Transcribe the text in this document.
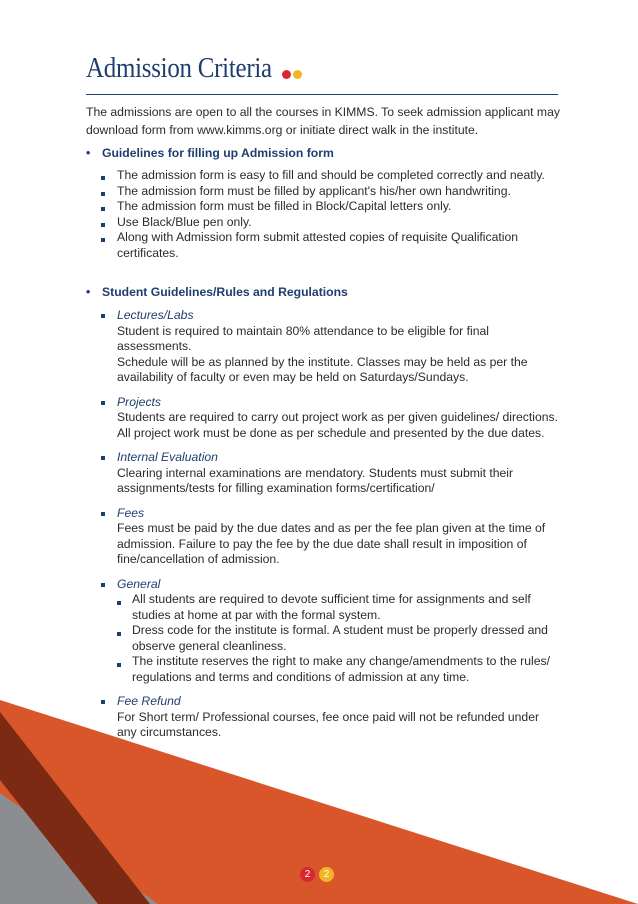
Admission Criteria

The admissions are open to all the courses in KIMMS. To seek admission applicant may download form from www.kimms.org or initiate direct walk in the institute.

• Guidelines for filling up Admission form
The admission form is easy to fill and should be completed correctly and neatly.
The admission form must be filled by applicant's his/her own handwriting.
The admission form must be filled in Block/Capital letters only.
Use Black/Blue pen only.
Along with Admission form submit attested copies of requisite Qualification certificates.
• Student Guidelines/Rules and Regulations
Lectures/Labs
Student is required to maintain 80% attendance to be eligible for final assessments.
Schedule will be as planned by the institute. Classes may be held as per the availability of faculty or even may be held on Saturdays/Sundays.
Projects
Students are required to carry out project work as per given guidelines/ directions. All project work must be done as per schedule and presented by the due dates.
Internal Evaluation
Clearing internal examinations are mendatory. Students must submit their assignments/tests for filling examination forms/certification/
Fees
Fees must be paid by the due dates and as per the fee plan given at the time of admission. Failure to pay the fee by the due date shall result in imposition of fine/cancellation of admission.
General
All students are required to devote sufficient time for assignments and self studies at home at par with the formal system.
Dress code for the institute is formal. A student must be properly dressed and observe general cleanliness.
The institute reserves the right to make any change/amendments to the rules/ regulations and terms and conditions of admission at any time.
Fee Refund
For Short term/ Professional courses, fee once paid will not be refunded under any circumstances.
2	2
